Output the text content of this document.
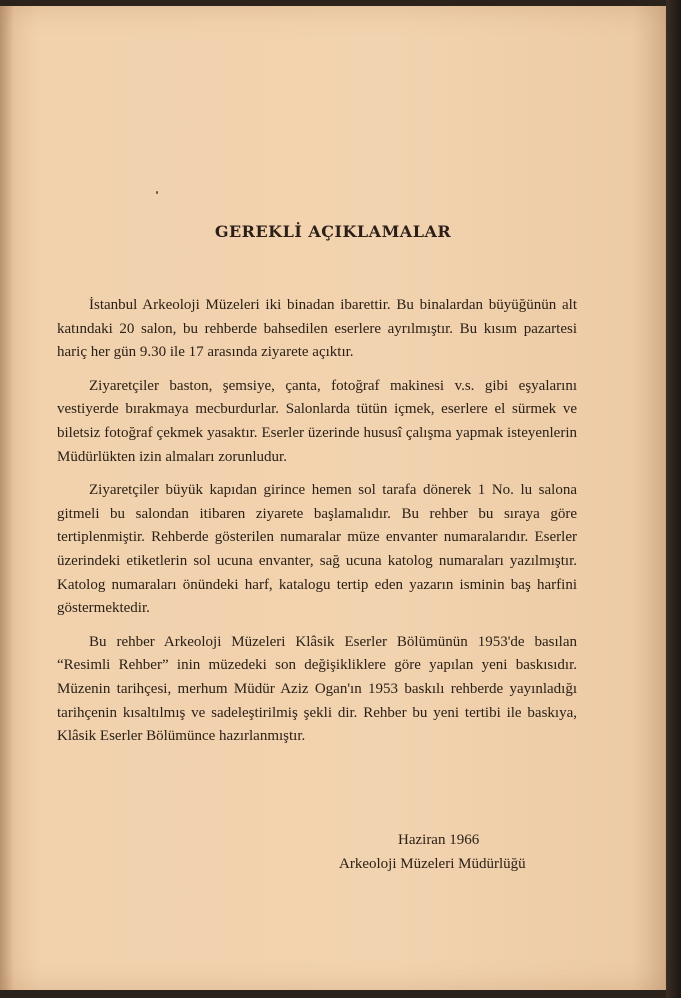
GEREKLİ AÇIKLAMALAR

İstanbul Arkeoloji Müzeleri iki binadan ibarettir. Bu binalardan büyüğünün alt katındaki 20 salon, bu rehberde bahsedilen eserlere ayrılmıştır. Bu kısım pazartesi hariç her gün 9.30 ile 17 arasında ziyarete açıktır.

Ziyaretçiler baston, şemsiye, çanta, fotoğraf makinesi v.s. gibi eşyalarını vestiyerde bırakmaya mecburdurlar. Salonlarda tütün içmek, eserlere el sürmek ve biletsiz fotoğraf çekmek yasaktır. Eserler üzerinde hususî çalışma yapmak isteyenlerin Müdürlükten izin almaları zorunludur.

Ziyaretçiler büyük kapıdan girince hemen sol tarafa dönerek 1 No. lu salona gitmeli bu salondan itibaren ziyarete başlamalıdır. Bu rehber bu sıraya göre tertiplenmiştir. Rehberde gösterilen numaralar müze envanter numaralarıdır. Eserler üzerindeki etiketlerin sol ucuna envanter, sağ ucuna katolog numaraları yazılmıştır. Katolog numaraları önündeki harf, katalogu tertip eden yazarın isminin baş harfini göstermektedir.

Bu rehber Arkeoloji Müzeleri Klâsik Eserler Bölümünün 1953'de basılan “Resimli Rehber” inin müzedeki son değişikliklere göre yapılan yeni baskısıdır. Müzenin tarihçesi, merhum Müdür Aziz Ogan'ın 1953 baskılı rehberde yayınladığı tarihçenin kısaltılmış ve sadeleştirilmiş şekli dir. Rehber bu yeni tertibi ile baskıya, Klâsik Eserler Bölümünce hazırlanmıştır.

Haziran 1966
Arkeoloji Müzeleri Müdürlüğü
